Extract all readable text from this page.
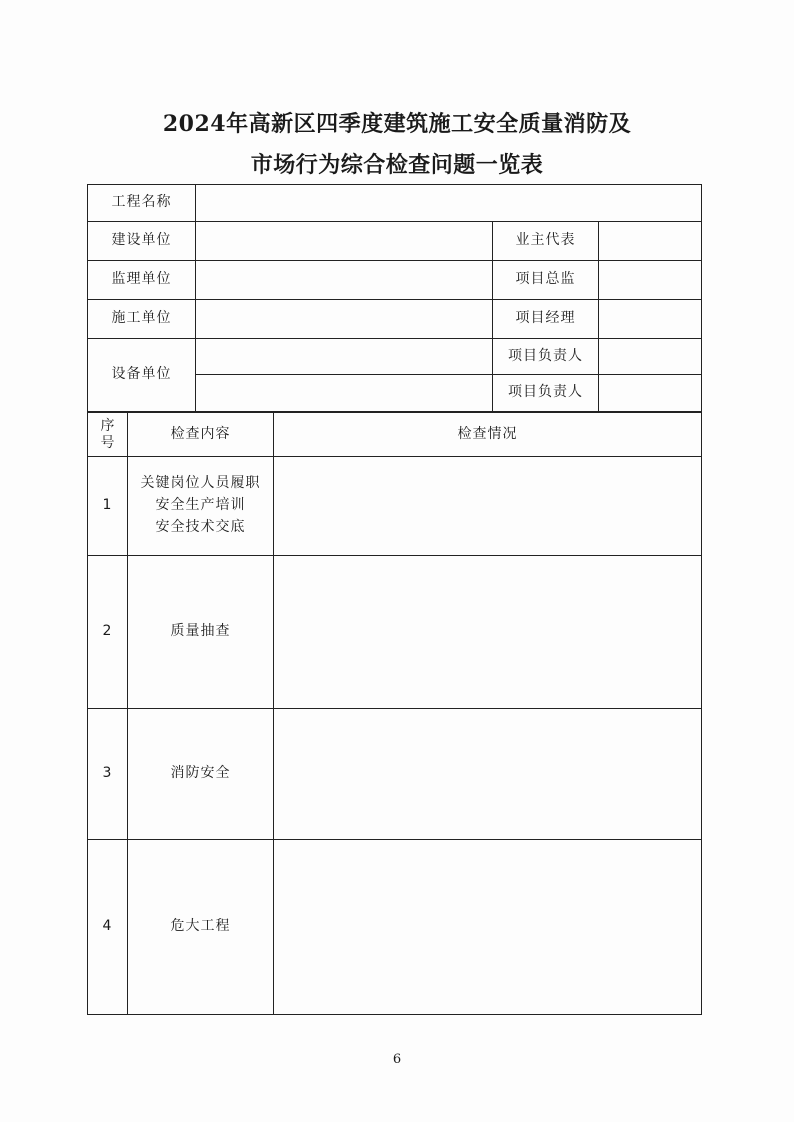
2024年高新区四季度建筑施工安全质量消防及
市场行为综合检查问题一览表
工程名称			
建设单位		业主代表	
监理单位		项目总监	
施工单位		项目经理	
设备单位		项目负责人	
		项目负责人	
序号	检查内容	检查情况
1	关键岗位人员履职
安全生产培训
安全技术交底	

2	质量抽查	

3	消防安全	

4	危大工程	

6
